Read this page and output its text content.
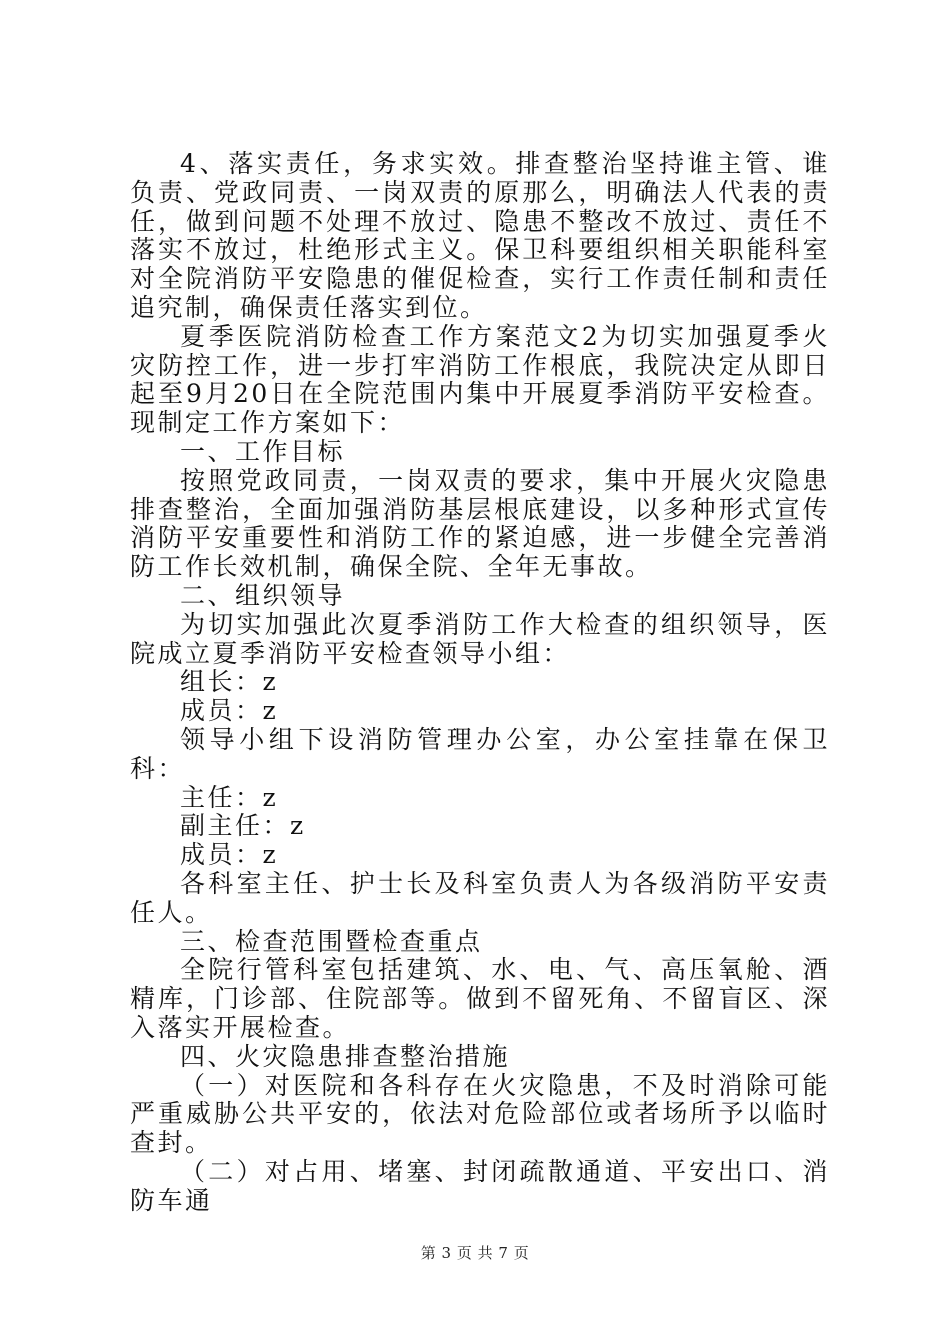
4、落实责任，务求实效。排查整治坚持谁主管、谁负责、党政同责、一岗双责的原那么，明确法人代表的责任，做到问题不处理不放过、隐患不整改不放过、责任不落实不放过，杜绝形式主义。保卫科要组织相关职能科室对全院消防平安隐患的催促检查，实行工作责任制和责任追究制，确保责任落实到位。

夏季医院消防检查工作方案范文2为切实加强夏季火灾防控工作，进一步打牢消防工作根底，我院决定从即日起至9月20日在全院范围内集中开展夏季消防平安检查。现制定工作方案如下：

一、工作目标

按照党政同责，一岗双责的要求，集中开展火灾隐患排查整治，全面加强消防基层根底建设，以多种形式宣传消防平安重要性和消防工作的紧迫感，进一步健全完善消防工作长效机制，确保全院、全年无事故。

二、组织领导

为切实加强此次夏季消防工作大检查的组织领导，医院成立夏季消防平安检查领导小组：

组长：z

成员：z

领导小组下设消防管理办公室，办公室挂靠在保卫科：

主任：z

副主任：z

成员：z

各科室主任、护士长及科室负责人为各级消防平安责任人。

三、检查范围暨检查重点

全院行管科室包括建筑、水、电、气、高压氧舱、酒精库，门诊部、住院部等。做到不留死角、不留盲区、深入落实开展检查。

四、火灾隐患排查整治措施

（一）对医院和各科存在火灾隐患，不及时消除可能严重威胁公共平安的，依法对危险部位或者场所予以临时查封。

（二）对占用、堵塞、封闭疏散通道、平安出口、消防车通

第 3 页 共 7 页
